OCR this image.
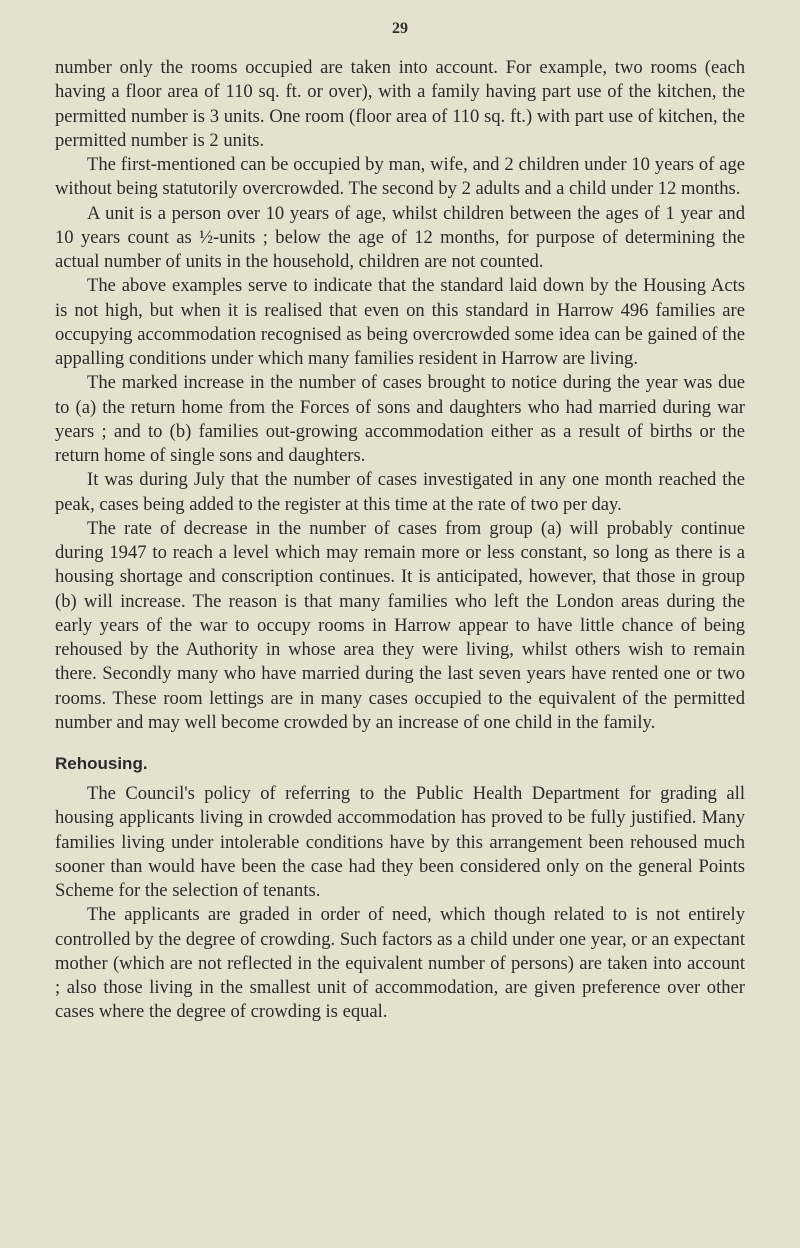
29

number only the rooms occupied are taken into account. For example, two rooms (each having a floor area of 110 sq. ft. or over), with a family having part use of the kitchen, the permitted number is 3 units. One room (floor area of 110 sq. ft.) with part use of kitchen, the permitted number is 2 units.

The first-mentioned can be occupied by man, wife, and 2 children under 10 years of age without being statutorily overcrowded. The second by 2 adults and a child under 12 months.

A unit is a person over 10 years of age, whilst children between the ages of 1 year and 10 years count as ½-units ; below the age of 12 months, for purpose of determining the actual number of units in the household, children are not counted.

The above examples serve to indicate that the standard laid down by the Housing Acts is not high, but when it is realised that even on this standard in Harrow 496 families are occupying accommodation recognised as being overcrowded some idea can be gained of the appalling conditions under which many families resident in Harrow are living.

The marked increase in the number of cases brought to notice during the year was due to (a) the return home from the Forces of sons and daughters who had married during war years ; and to (b) families out-growing accommodation either as a result of births or the return home of single sons and daughters.

It was during July that the number of cases investigated in any one month reached the peak, cases being added to the register at this time at the rate of two per day.

The rate of decrease in the number of cases from group (a) will probably continue during 1947 to reach a level which may remain more or less constant, so long as there is a housing shortage and conscription continues. It is anticipated, however, that those in group (b) will increase. The reason is that many families who left the London areas during the early years of the war to occupy rooms in Harrow appear to have little chance of being rehoused by the Authority in whose area they were living, whilst others wish to remain there. Secondly many who have married during the last seven years have rented one or two rooms. These room lettings are in many cases occupied to the equivalent of the permitted number and may well become crowded by an increase of one child in the family.

Rehousing.

The Council's policy of referring to the Public Health Department for grading all housing applicants living in crowded accommodation has proved to be fully justified. Many families living under intolerable conditions have by this arrangement been rehoused much sooner than would have been the case had they been considered only on the general Points Scheme for the selection of tenants.

The applicants are graded in order of need, which though related to is not entirely controlled by the degree of crowding. Such factors as a child under one year, or an expectant mother (which are not reflected in the equivalent number of persons) are taken into account ; also those living in the smallest unit of accommodation, are given preference over other cases where the degree of crowding is equal.
